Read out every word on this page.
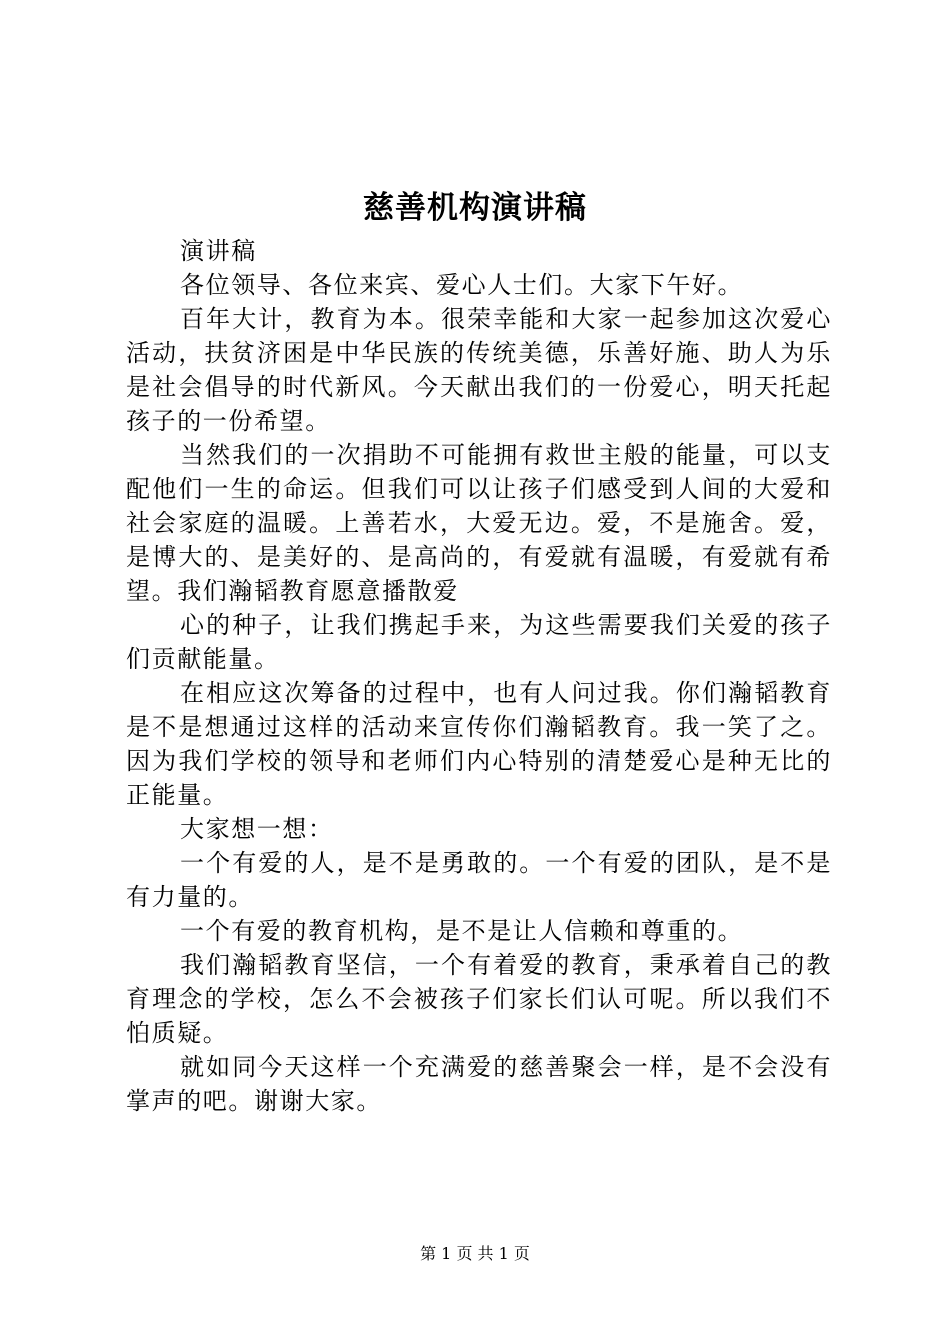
慈善机构演讲稿

演讲稿

各位领导、各位来宾、爱心人士们。大家下午好。

百年大计，教育为本。很荣幸能和大家一起参加这次爱心活动，扶贫济困是中华民族的传统美德，乐善好施、助人为乐是社会倡导的时代新风。今天献出我们的一份爱心，明天托起孩子的一份希望。

当然我们的一次捐助不可能拥有救世主般的能量，可以支配他们一生的命运。但我们可以让孩子们感受到人间的大爱和社会家庭的温暖。上善若水，大爱无边。爱，不是施舍。爱，是博大的、是美好的、是高尚的，有爱就有温暖，有爱就有希望。我们瀚韬教育愿意播散爱

心的种子，让我们携起手来，为这些需要我们关爱的孩子们贡献能量。

在相应这次筹备的过程中，也有人问过我。你们瀚韬教育是不是想通过这样的活动来宣传你们瀚韬教育。我一笑了之。因为我们学校的领导和老师们内心特别的清楚爱心是种无比的正能量。

大家想一想：

一个有爱的人，是不是勇敢的。一个有爱的团队，是不是有力量的。

一个有爱的教育机构，是不是让人信赖和尊重的。

我们瀚韬教育坚信，一个有着爱的教育，秉承着自己的教育理念的学校，怎么不会被孩子们家长们认可呢。所以我们不怕质疑。

就如同今天这样一个充满爱的慈善聚会一样，是不会没有掌声的吧。谢谢大家。

第 1 页 共 1 页
